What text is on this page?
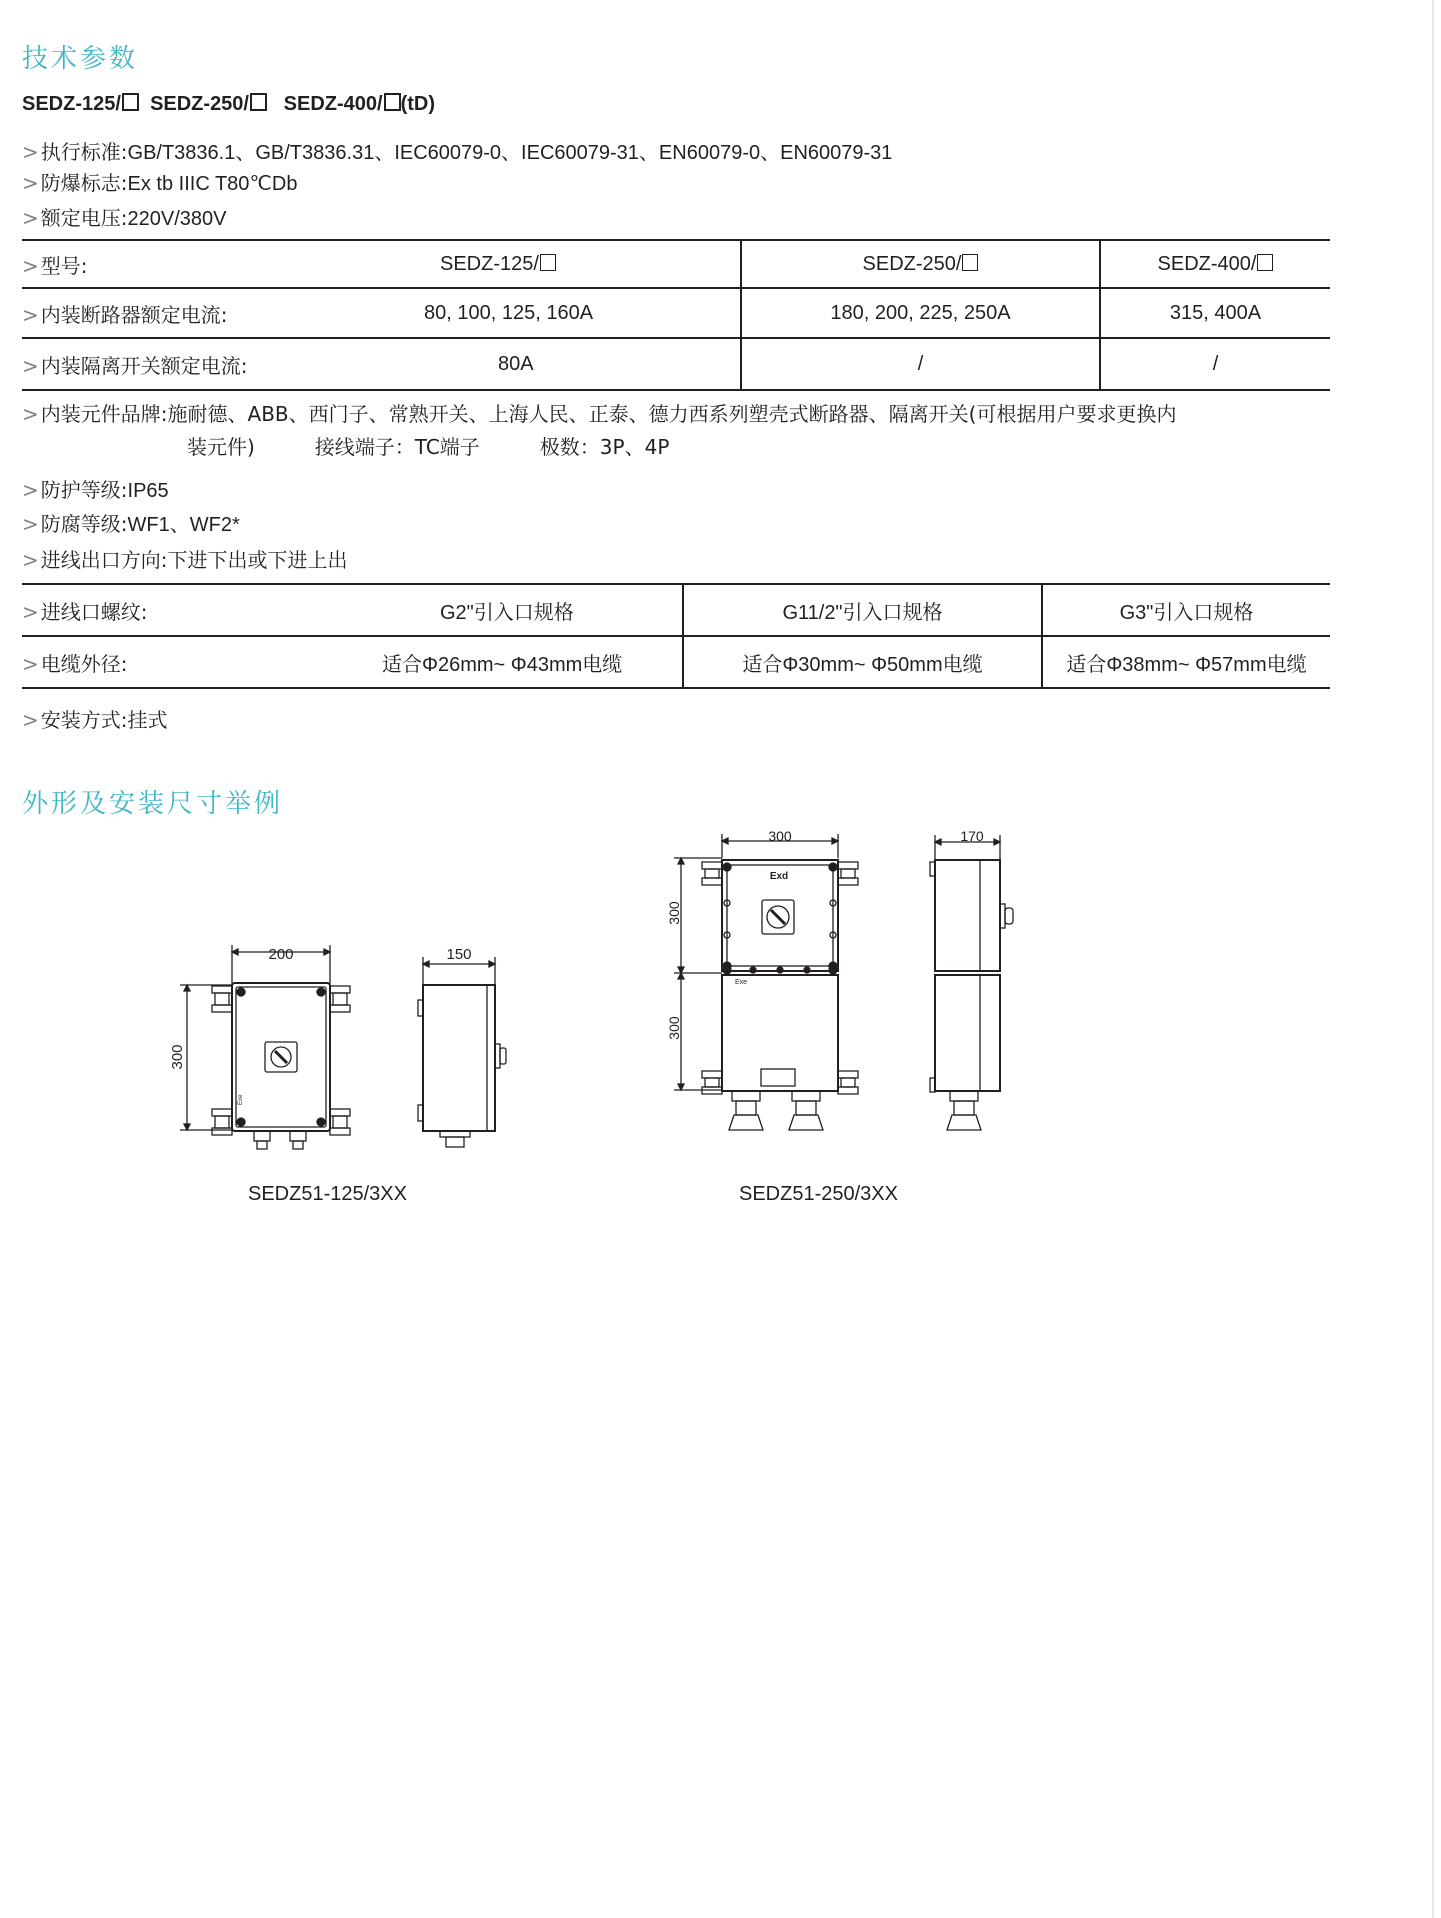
技术参数
SEDZ-125/ SEDZ-250/ SEDZ-400/ (tD)
> 执行标准:GB/T3836.1、GB/T3836.31、IEC60079-0、IEC60079-31、EN60079-0、EN60079-31
> 防爆标志:Ex tb IIIC T80℃Db
> 额定电压:220V/380V
> 型号:	SEDZ-125/	SEDZ-250/	SEDZ-400/
> 内装断路器额定电流:	80, 100, 125, 160A	180, 200, 225, 250A	315, 400A
> 内装隔离开关额定电流:	80A	/	/
> 内装元件品牌:施耐德、ABB、西门子、常熟开关、上海人民、正泰、德力西系列塑壳式断路器、隔离开关(可根据用户要求更换内
装元件)　　　接线端子：TC端子　　　极数：3P、4P
> 防护等级:IP65
> 防腐等级:WF1、WF2*
> 进线出口方向:下进下出或下进上出
> 进线口螺纹:	G2"引入口规格	G11/2"引入口规格	G3"引入口规格
> 电缆外径:	适合Φ26mm~ Φ43mm电缆	适合Φ30mm~ Φ50mm电缆	适合Φ38mm~ Φ57mm电缆
> 安装方式:挂式
外形及安装尺寸举例
200
300
150
Exe
300
300
300
170
Exd
Exe
SEDZ51-125/3XX	SEDZ51-250/3XX
